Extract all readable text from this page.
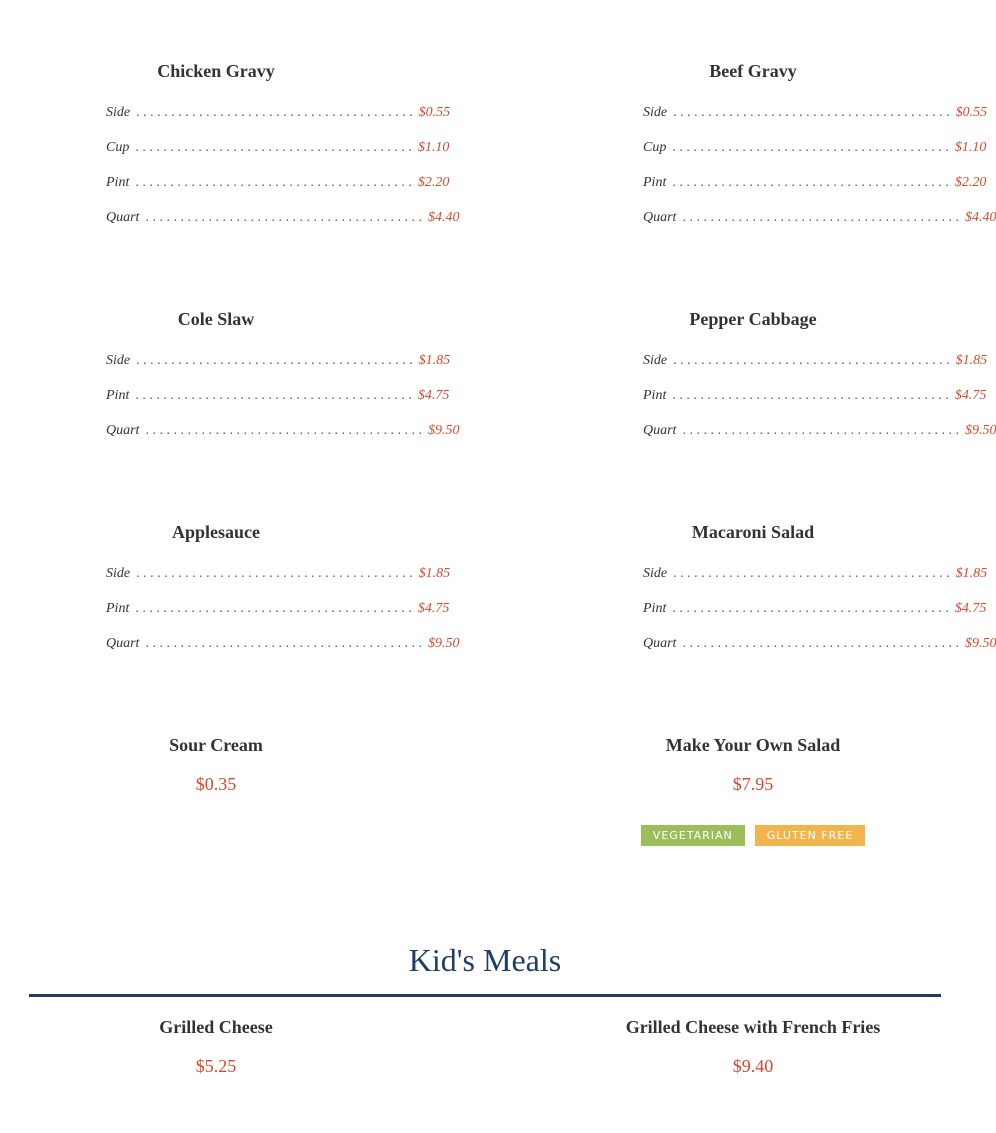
Chicken Gravy
Side . . . . . . . . . . . . . . . . . . . . . . . . . . . . . . . . . . . . . . . . $0.55
Cup . . . . . . . . . . . . . . . . . . . . . . . . . . . . . . . . . . . . . . . . $1.10
Pint . . . . . . . . . . . . . . . . . . . . . . . . . . . . . . . . . . . . . . . . $2.20
Quart . . . . . . . . . . . . . . . . . . . . . . . . . . . . . . . . . . . . . . . . $4.40
Beef Gravy
Side . . . . . . . . . . . . . . . . . . . . . . . . . . . . . . . . . . . . . . . . $0.55
Cup . . . . . . . . . . . . . . . . . . . . . . . . . . . . . . . . . . . . . . . . $1.10
Pint . . . . . . . . . . . . . . . . . . . . . . . . . . . . . . . . . . . . . . . . $2.20
Quart . . . . . . . . . . . . . . . . . . . . . . . . . . . . . . . . . . . . . . . . $4.40
Cole Slaw
Side . . . . . . . . . . . . . . . . . . . . . . . . . . . . . . . . . . . . . . . . $1.85
Pint . . . . . . . . . . . . . . . . . . . . . . . . . . . . . . . . . . . . . . . . $4.75
Quart . . . . . . . . . . . . . . . . . . . . . . . . . . . . . . . . . . . . . . . . $9.50
Pepper Cabbage
Side . . . . . . . . . . . . . . . . . . . . . . . . . . . . . . . . . . . . . . . . $1.85
Pint . . . . . . . . . . . . . . . . . . . . . . . . . . . . . . . . . . . . . . . . $4.75
Quart . . . . . . . . . . . . . . . . . . . . . . . . . . . . . . . . . . . . . . . . $9.50
Applesauce
Side . . . . . . . . . . . . . . . . . . . . . . . . . . . . . . . . . . . . . . . . $1.85
Pint . . . . . . . . . . . . . . . . . . . . . . . . . . . . . . . . . . . . . . . . $4.75
Quart . . . . . . . . . . . . . . . . . . . . . . . . . . . . . . . . . . . . . . . . $9.50
Macaroni Salad
Side . . . . . . . . . . . . . . . . . . . . . . . . . . . . . . . . . . . . . . . . $1.85
Pint . . . . . . . . . . . . . . . . . . . . . . . . . . . . . . . . . . . . . . . . $4.75
Quart . . . . . . . . . . . . . . . . . . . . . . . . . . . . . . . . . . . . . . . . $9.50
Sour Cream
$0.35
Make Your Own Salad
$7.95
VEGETARIAN	GLUTEN FREE
Kid's Meals
Grilled Cheese
$5.25
Grilled Cheese with French Fries
$9.40
